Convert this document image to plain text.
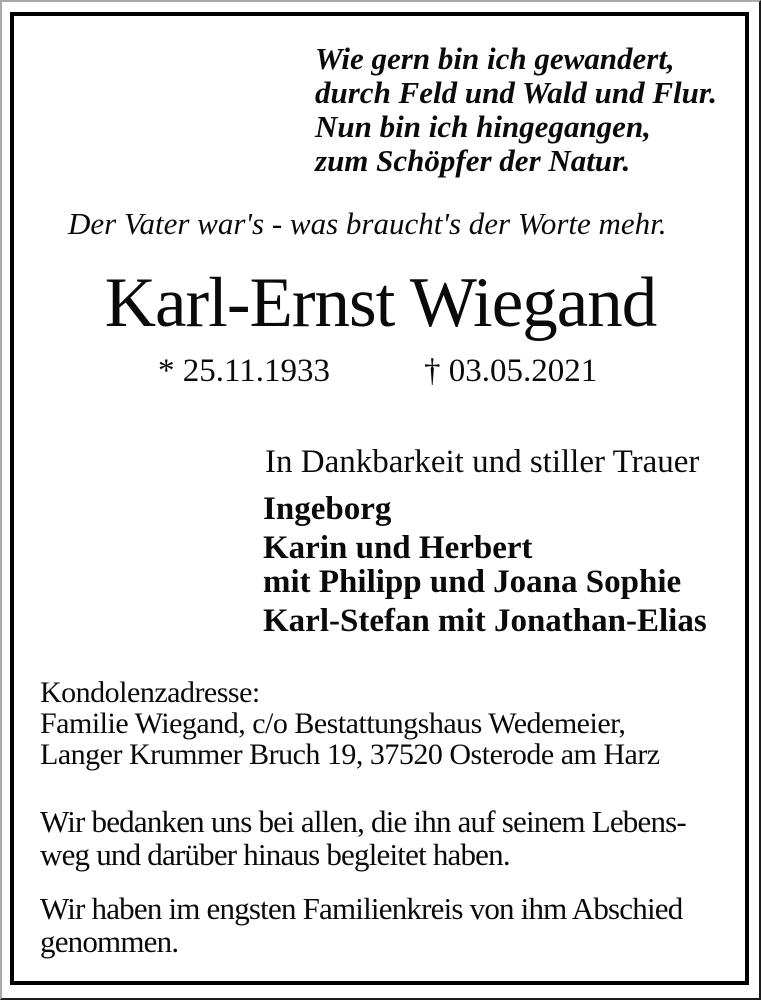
Wie gern bin ich gewandert,
durch Feld und Wald und Flur.
Nun bin ich hingegangen,
zum Schöpfer der Natur.
Der Vater war's - was braucht's der Worte mehr.
Karl-Ernst Wiegand
* 25.11.1933	† 03.05.2021
In Dankbarkeit und stiller Trauer
Ingeborg
Karin und Herbert
mit Philipp und Joana Sophie
Karl-Stefan mit Jonathan-Elias
Kondolenzadresse:
Familie Wiegand, c/o Bestattungshaus Wedemeier,
Langer Krummer Bruch 19, 37520 Osterode am Harz
Wir bedanken uns bei allen, die ihn auf seinem Lebens-
weg und darüber hinaus begleitet haben.
Wir haben im engsten Familienkreis von ihm Abschied
genommen.
